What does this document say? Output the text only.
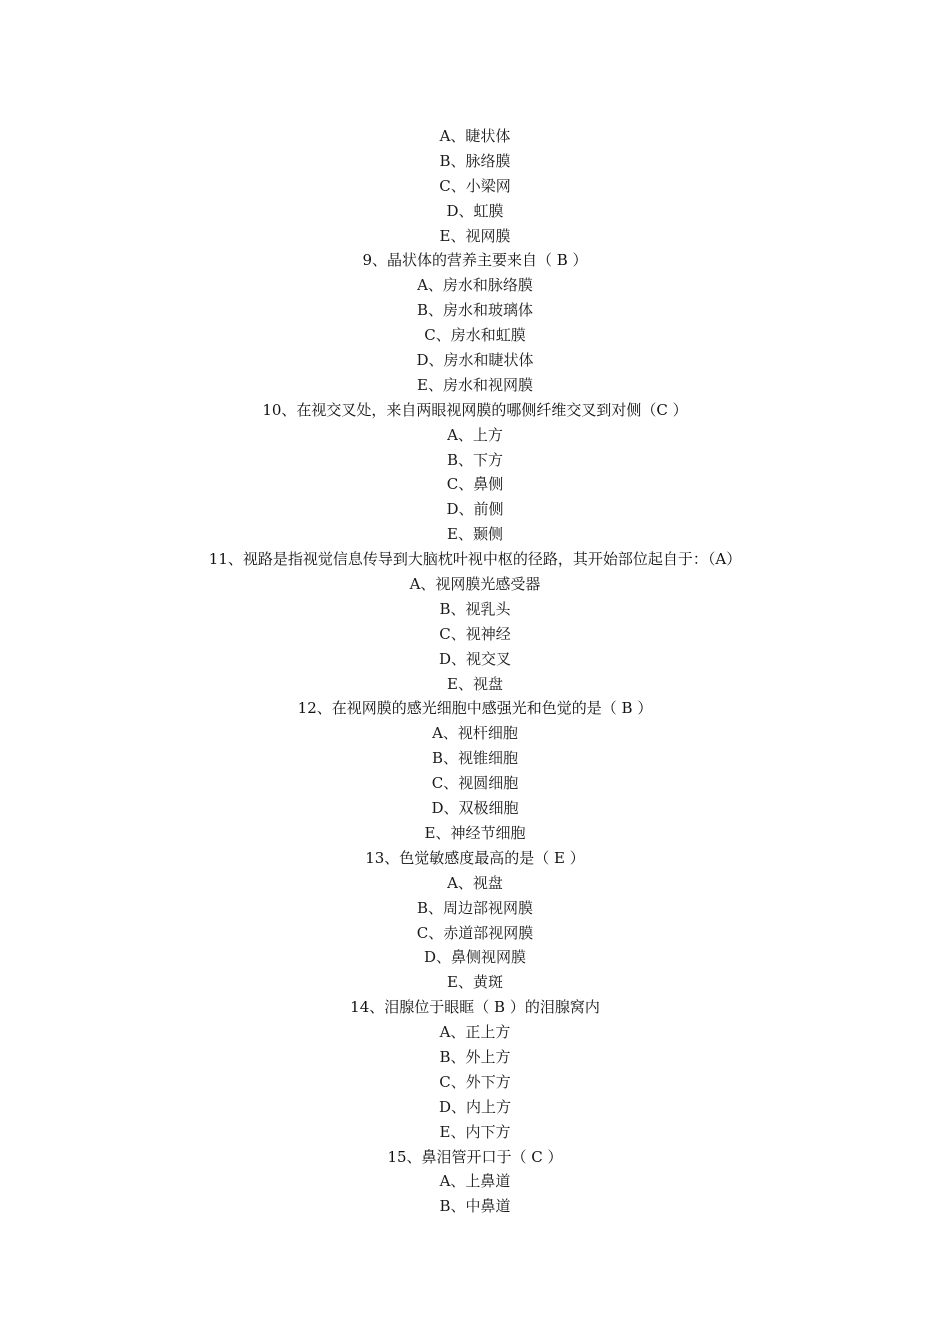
A、睫状体
B、脉络膜
C、小梁网
D、虹膜
E、视网膜
9、晶状体的营养主要来自（ B ）
A、房水和脉络膜
B、房水和玻璃体
C、房水和虹膜
D、房水和睫状体
E、房水和视网膜
10、在视交叉处，来自两眼视网膜的哪侧纤维交叉到对侧（C ）
A、上方
B、下方
C、鼻侧
D、前侧
E、颞侧
11、视路是指视觉信息传导到大脑枕叶视中枢的径路，其开始部位起自于：（A）
A、视网膜光感受器
B、视乳头
C、视神经
D、视交叉
E、视盘
12、在视网膜的感光细胞中感强光和色觉的是（ B ）
A、视杆细胞
B、视锥细胞
C、视圆细胞
D、双极细胞
E、神经节细胞
13、色觉敏感度最高的是（ E ）
A、视盘
B、周边部视网膜
C、赤道部视网膜
D、鼻侧视网膜
E、黄斑
14、泪腺位于眼眶（ B ）的泪腺窝内
A、正上方
B、外上方
C、外下方
D、内上方
E、内下方
15、鼻泪管开口于（ C ）
A、上鼻道
B、中鼻道
